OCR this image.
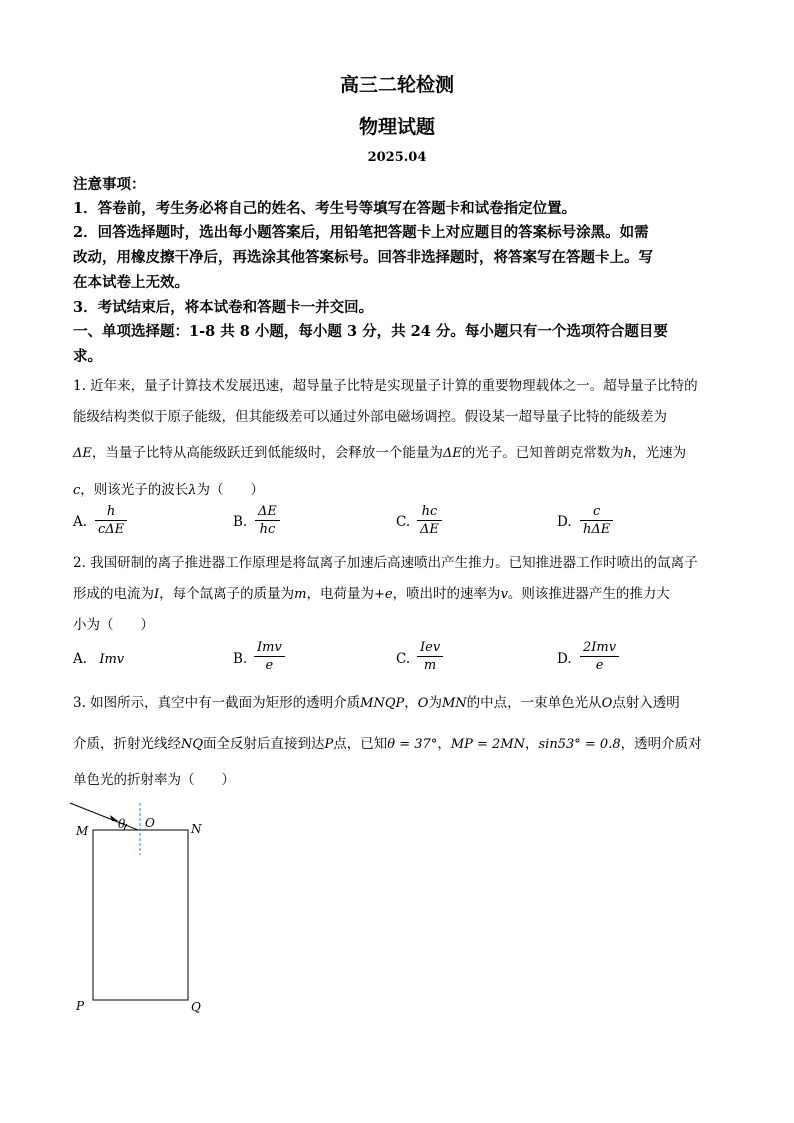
高三二轮检测
物理试题
2025.04
注意事项：
1．答卷前，考生务必将自己的姓名、考生号等填写在答题卡和试卷指定位置。
2．回答选择题时，选出每小题答案后，用铅笔把答题卡上对应题目的答案标号涂黑。如需
改动，用橡皮擦干净后，再选涂其他答案标号。回答非选择题时，将答案写在答题卡上。写
在本试卷上无效。
3．考试结束后，将本试卷和答题卡一并交回。
一、单项选择题：1-8 共 8 小题，每小题 3 分，共 24 分。每小题只有一个选项符合题目要
求。
1. 近年来，量子计算技术发展迅速，超导量子比特是实现量子计算的重要物理载体之一。超导量子比特的
能级结构类似于原子能级，但其能级差可以通过外部电磁场调控。假设某一超导量子比特的能级差为
ΔE，当量子比特从高能级跃迁到低能级时，会释放一个能量为ΔE的光子。已知普朗克常数为h，光速为
c，则该光子的波长λ为（　　）
A.
h
cΔE	B. $\frac{\Delta E}{hc}$	C. $\frac{hc}{\Delta E}$	D.
c
hΔE
2. 我国研制的离子推进器工作原理是将氙离子加速后高速喷出产生推力。已知推进器工作时喷出的氙离子
形成的电流为I，每个氙离子的质量为m，电荷量为+e，喷出时的速率为v。则该推进器产生的推力大
小为（　　）
A. Imv	B.
Imv
e	C.
Iev
m	D.
2Imv
e
3. 如图所示，真空中有一截面为矩形的透明介质MNQP，O为MN的中点，一束单色光从O点射入透明
介质，折射光线经NQ面全反射后直接到达P点，已知θ = 37°，MP = 2MN，sin53° = 0.8，透明介质对
单色光的折射率为（　　）
M	N
O
P	Q
θ
